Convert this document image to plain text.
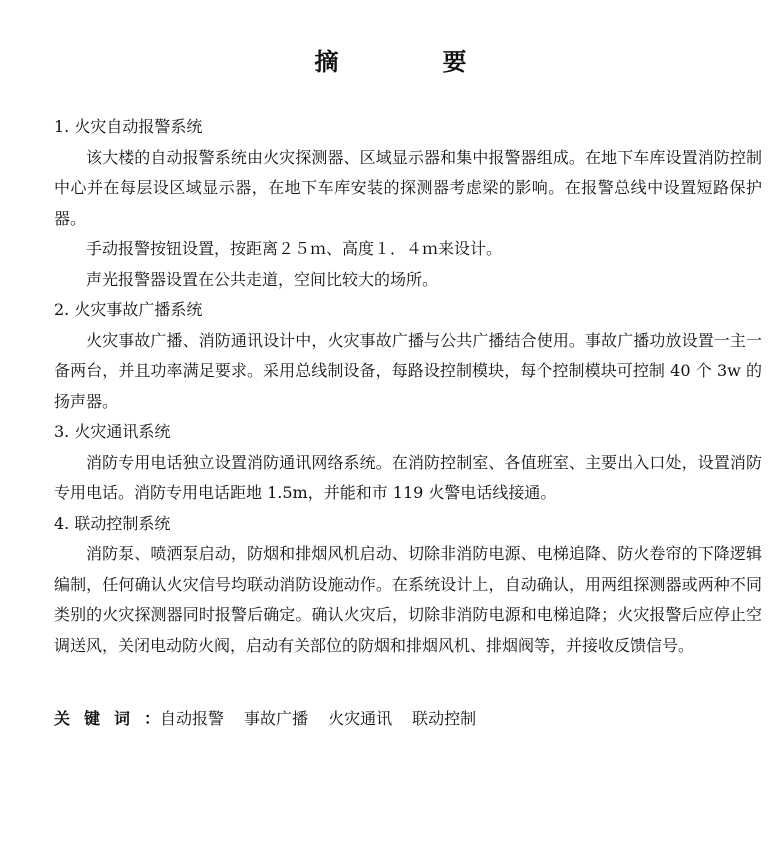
摘　要

1. 火灾自动报警系统

该大楼的自动报警系统由火灾探测器、区域显示器和集中报警器组成。在地下车库设置消防控制中心并在每层设区域显示器，在地下车库安装的探测器考虑梁的影响。在报警总线中设置短路保护器。

手动报警按钮设置，按距离２５ｍ、高度１．４ｍ来设计。

声光报警器设置在公共走道，空间比较大的场所。

2. 火灾事故广播系统

火灾事故广播、消防通讯设计中，火灾事故广播与公共广播结合使用。事故广播功放设置一主一备两台，并且功率满足要求。采用总线制设备，每路设控制模块，每个控制模块可控制 40 个 3w 的扬声器。

3. 火灾通讯系统

消防专用电话独立设置消防通讯网络系统。在消防控制室、各值班室、主要出入口处，设置消防专用电话。消防专用电话距地 1.5m，并能和市 119 火警电话线接通。

4. 联动控制系统

消防泵、喷洒泵启动，防烟和排烟风机启动、切除非消防电源、电梯追降、防火卷帘的下降逻辑编制，任何确认火灾信号均联动消防设施动作。在系统设计上，自动确认，用两组探测器或两种不同类别的火灾探测器同时报警后确定。确认火灾后，切除非消防电源和电梯追降；火灾报警后应停止空调送风，关闭电动防火阀，启动有关部位的防烟和排烟风机、排烟阀等，并接收反馈信号。

关键词：自动报警 事故广播 火灾通讯 联动控制
